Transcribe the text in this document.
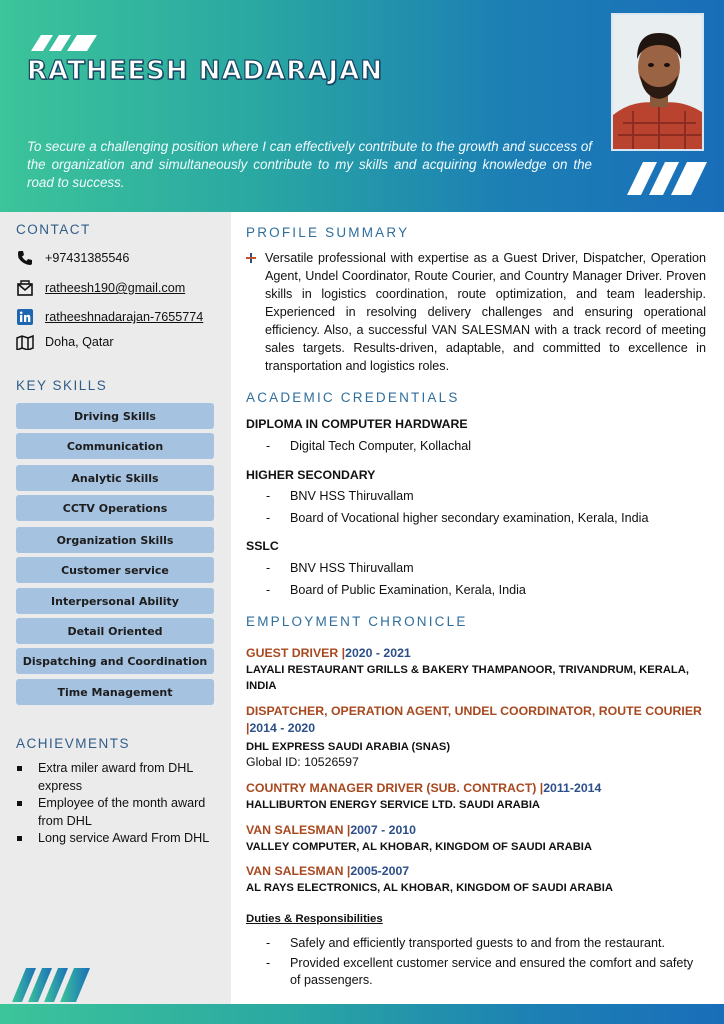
RATHEESH NADARAJAN
To secure a challenging position where I can effectively contribute to the growth and success of the organization and simultaneously contribute to my skills and acquiring knowledge on the road to success.
CONTACT
+97431385546
ratheesh190@gmail.com
ratheeshnadarajan-7655774
Doha, Qatar
KEY SKILLS
Driving Skills
Communication
Analytic Skills
CCTV Operations
Organization Skills
Customer service
Interpersonal Ability
Detail Oriented
Dispatching and Coordination
Time Management
ACHIEVMENTS
Extra miler award from DHL express
Employee of the month award from DHL
Long service Award From DHL
PROFILE SUMMARY
Versatile professional with expertise as a Guest Driver, Dispatcher, Operation Agent, Undel Coordinator, Route Courier, and Country Manager Driver. Proven skills in logistics coordination, route optimization, and team leadership. Experienced in resolving delivery challenges and ensuring operational efficiency. Also, a successful VAN SALESMAN with a track record of meeting sales targets. Results-driven, adaptable, and committed to excellence in transportation and logistics roles.
ACADEMIC CREDENTIALS
DIPLOMA IN COMPUTER HARDWARE
- Digital Tech Computer, Kollachal
HIGHER SECONDARY
- BNV HSS Thiruvallam
- Board of Vocational higher secondary examination, Kerala, India
SSLC
- BNV HSS Thiruvallam
- Board of Public Examination, Kerala, India
EMPLOYMENT CHRONICLE
GUEST DRIVER |2020 - 2021
LAYALI RESTAURANT GRILLS & BAKERY THAMPANOOR, TRIVANDRUM, KERALA, INDIA
DISPATCHER, OPERATION AGENT, UNDEL COORDINATOR, ROUTE COURIER |2014 - 2020
DHL EXPRESS SAUDI ARABIA (SNAS)
Global ID: 10526597
COUNTRY MANAGER DRIVER (SUB. CONTRACT) |2011-2014
HALLIBURTON ENERGY SERVICE LTD. SAUDI ARABIA
VAN SALESMAN |2007 - 2010
VALLEY COMPUTER, AL KHOBAR, KINGDOM OF SAUDI ARABIA
VAN SALESMAN |2005-2007
AL RAYS ELECTRONICS, AL KHOBAR, KINGDOM OF SAUDI ARABIA
Duties & Responsibilities
- Safely and efficiently transported guests to and from the restaurant.
- Provided excellent customer service and ensured the comfort and safety of passengers.
